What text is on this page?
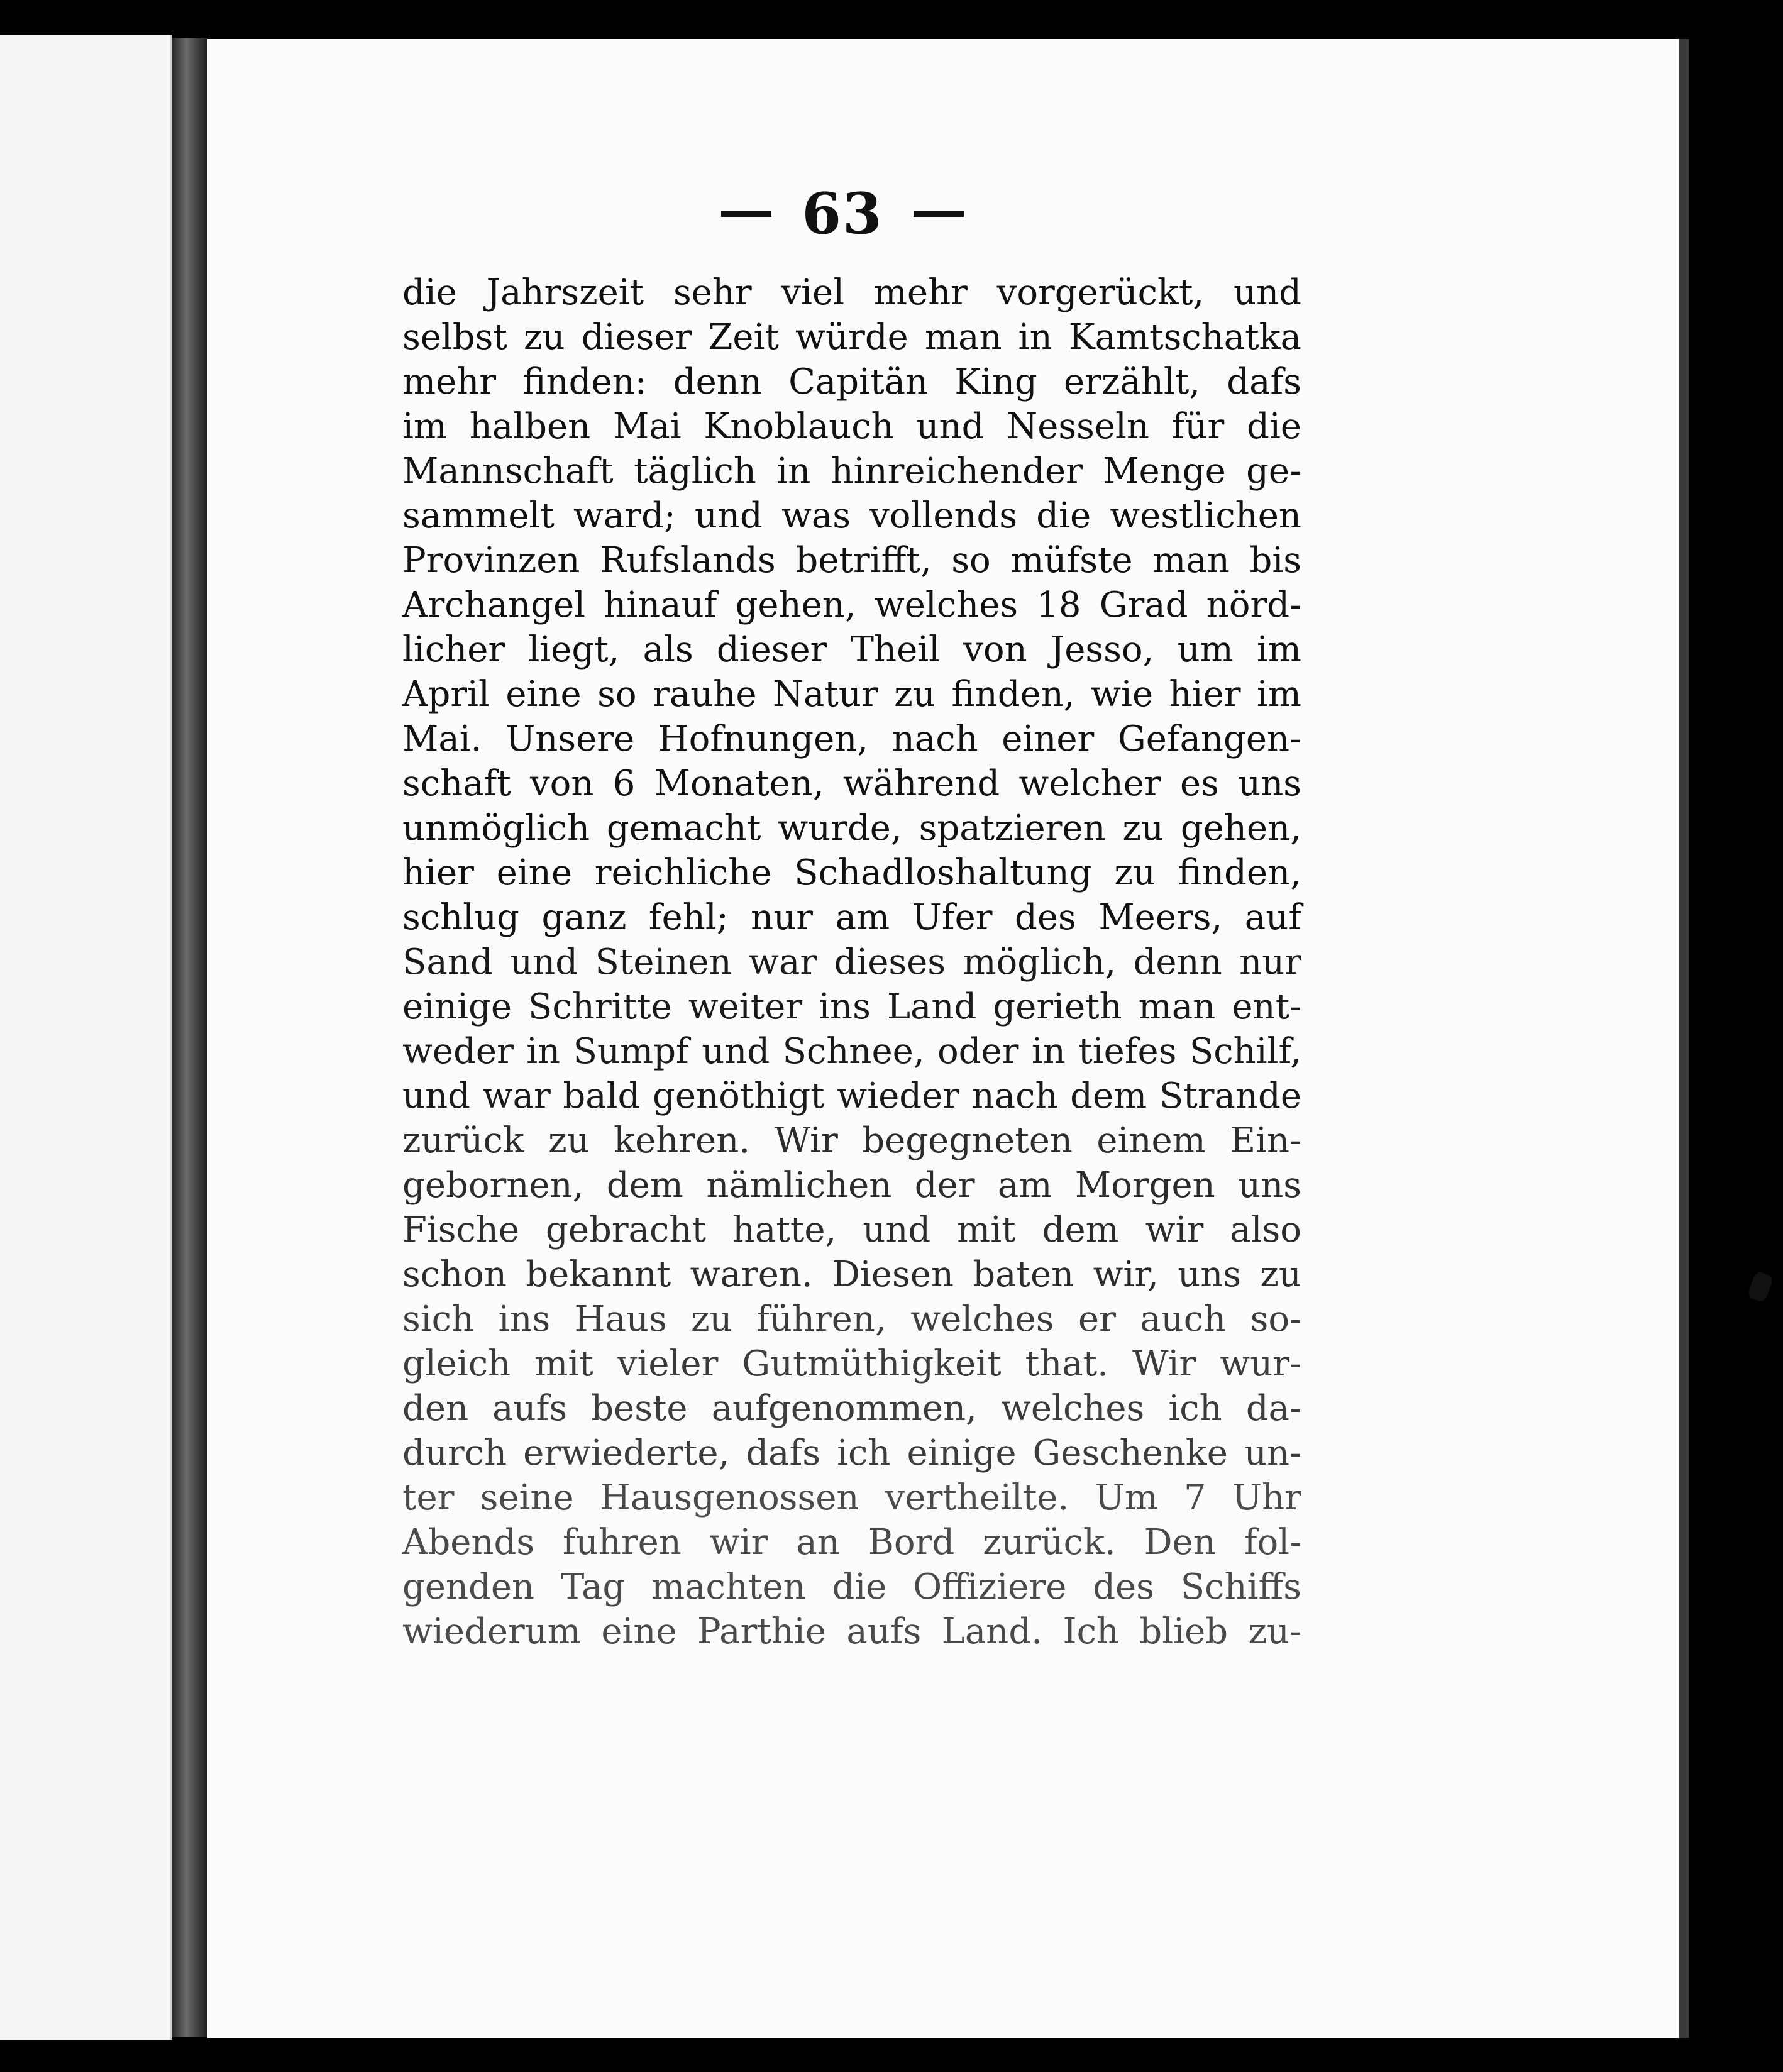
63
die Jahrszeit sehr viel mehr vorgerückt, und
selbst zu dieser Zeit würde man in Kamtschatka
mehr finden: denn Capitän King erzählt, dafs
im halben Mai Knoblauch und Nesseln für die
Mannschaft täglich in hinreichender Menge ge-
sammelt ward; und was vollends die westlichen
Provinzen Rufslands betrifft, so müfste man bis
Archangel hinauf gehen, welches 18 Grad nörd-
licher liegt, als dieser Theil von Jesso, um im
April eine so rauhe Natur zu finden, wie hier im
Mai. Unsere Hofnungen, nach einer Gefangen-
schaft von 6 Monaten, während welcher es uns
unmöglich gemacht wurde, spatzieren zu gehen,
hier eine reichliche Schadloshaltung zu finden,
schlug ganz fehl; nur am Ufer des Meers, auf
Sand und Steinen war dieses möglich, denn nur
einige Schritte weiter ins Land gerieth man ent-
weder in Sumpf und Schnee, oder in tiefes Schilf,
und war bald genöthigt wieder nach dem Strande
zurück zu kehren. Wir begegneten einem Ein-
gebornen, dem nämlichen der am Morgen uns
Fische gebracht hatte, und mit dem wir also
schon bekannt waren. Diesen baten wir, uns zu
sich ins Haus zu führen, welches er auch so-
gleich mit vieler Gutmüthigkeit that. Wir wur-
den aufs beste aufgenommen, welches ich da-
durch erwiederte, dafs ich einige Geschenke un-
ter seine Hausgenossen vertheilte. Um 7 Uhr
Abends fuhren wir an Bord zurück. Den fol-
genden Tag machten die Offiziere des Schiffs
wiederum eine Parthie aufs Land. Ich blieb zu-
